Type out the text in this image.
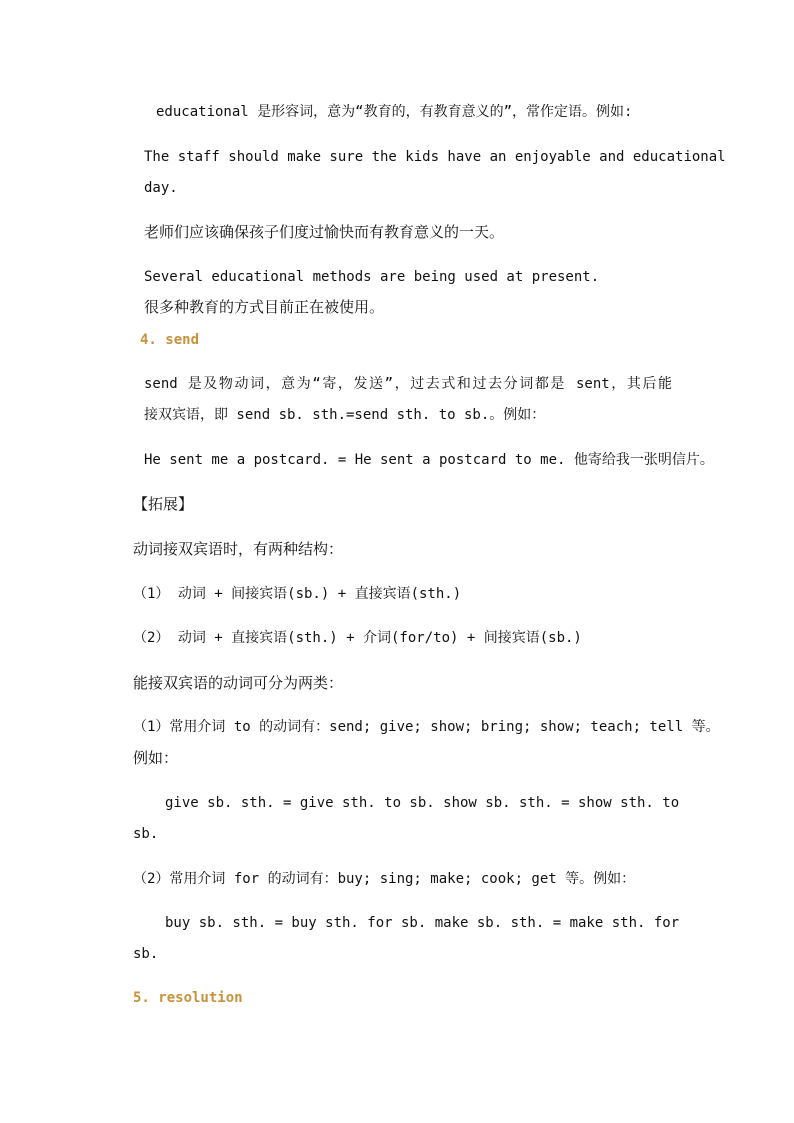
educational 是形容词，意为“教育的，有教育意义的”，常作定语。例如:
The staff should make sure the kids have an enjoyable and educational
day.
老师们应该确保孩子们度过愉快而有教育意义的一天。
Several educational methods are being used at present.
很多种教育的方式目前正在被使用。
4. send
send 是及物动词，意为“寄，发送”，过去式和过去分词都是 sent，其后能
接双宾语，即 send sb. sth.=send sth. to sb.。例如：
He sent me a postcard. = He sent a postcard to me. 他寄给我一张明信片。
【拓展】
动词接双宾语时，有两种结构：
（1） 动词 + 间接宾语(sb.) + 直接宾语(sth.)
（2） 动词 + 直接宾语(sth.) + 介词(for/to) + 间接宾语(sb.)
能接双宾语的动词可分为两类：
（1）常用介词 to 的动词有：send; give; show; bring; show; teach; tell 等。
例如：
give sb. sth. = give sth. to sb. show sb. sth. = show sth. to
sb.
（2）常用介词 for 的动词有：buy; sing; make; cook; get 等。例如：
buy sb. sth. = buy sth. for sb. make sb. sth. = make sth. for
sb.
5. resolution
